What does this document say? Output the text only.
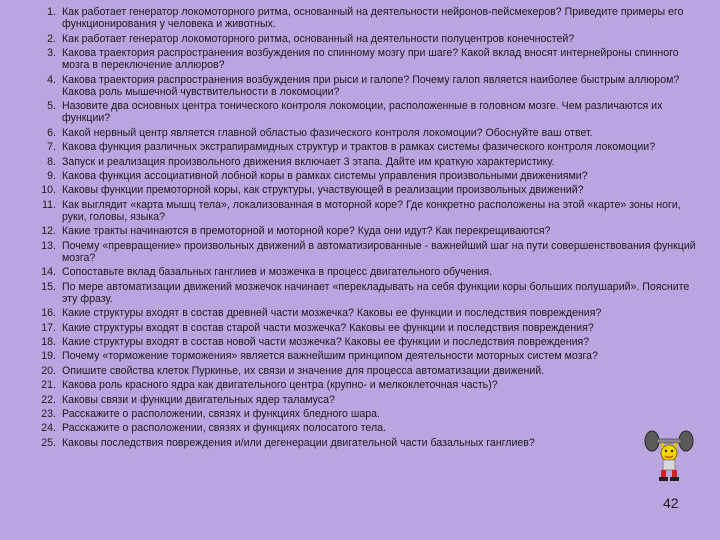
1. Как работает генератор локомоторного ритма, основанный на деятельности нейронов-пейсмекеров? Приведите примеры его функционирования у человека и животных.
2. Как работает генератор локомоторного ритма, основанный на деятельности полуцентров конечностей?
3. Какова траектория распространения возбуждения по спинному мозгу при шаге? Какой вклад вносят интернейроны спинного мозга в переключение аллюров?
4. Какова траектория распространения возбуждения при рыси и галопе? Почему галоп является наиболее быстрым аллюром? Какова роль мышечной чувствительности в локомоции?
5. Назовите два основных центра тонического контроля локомоции, расположенные в головном мозге. Чем различаются их функции?
6. Какой нервный центр является главной областью фазического контроля локомоции? Обоснуйте ваш ответ.
7. Какова функция различных экстрапирамидных структур и трактов в рамках системы фазического контроля локомоции?
8. Запуск и реализация произвольного движения включает 3 этапа. Дайте им краткую характеристику.
9. Какова функция ассоциативной лобной коры в рамках системы управления произвольными движениями?
10. Каковы функции премоторной коры, как структуры, участвующей в реализации произвольных движений?
11. Как выглядит «карта мышц тела», локализованная в моторной коре? Где конкретно расположены на этой «карте» зоны ноги, руки, головы, языка?
12. Какие тракты начинаются в премоторной и моторной коре? Куда они идут? Как перекрещиваются?
13. Почему «превращение» произвольных движений в автоматизированные - важнейший шаг на пути совершенствования функций мозга?
14. Сопоставьте вклад базальных ганглиев и мозжечка в процесс двигательного обучения.
15. По мере автоматизации движений мозжечок начинает «перекладывать на себя функции коры больших полушарий». Поясните эту фразу.
16. Какие структуры входят в состав древней части мозжечка? Каковы ее функции и последствия повреждения?
17. Какие структуры входят в состав старой части мозжечка? Каковы ее функции и последствия повреждения?
18. Какие структуры входят в состав новой части мозжечка? Каковы ее функции и последствия повреждения?
19. Почему «торможение торможения» является важнейшим принципом деятельности моторных систем мозга?
20. Опишите свойства клеток Пуркинье, их связи и значение для процесса автоматизации движений.
21. Какова роль красного ядра как двигательного центра (крупно- и мелкоклеточная часть)?
22. Каковы связи и функции двигательных ядер таламуса?
23. Расскажите о расположении, связях и функциях бледного шара.
24. Расскажите о расположении, связях и функциях полосатого тела.
25. Каковы последствия повреждения и/или дегенерации двигательной части базальных ганглиев?
42
